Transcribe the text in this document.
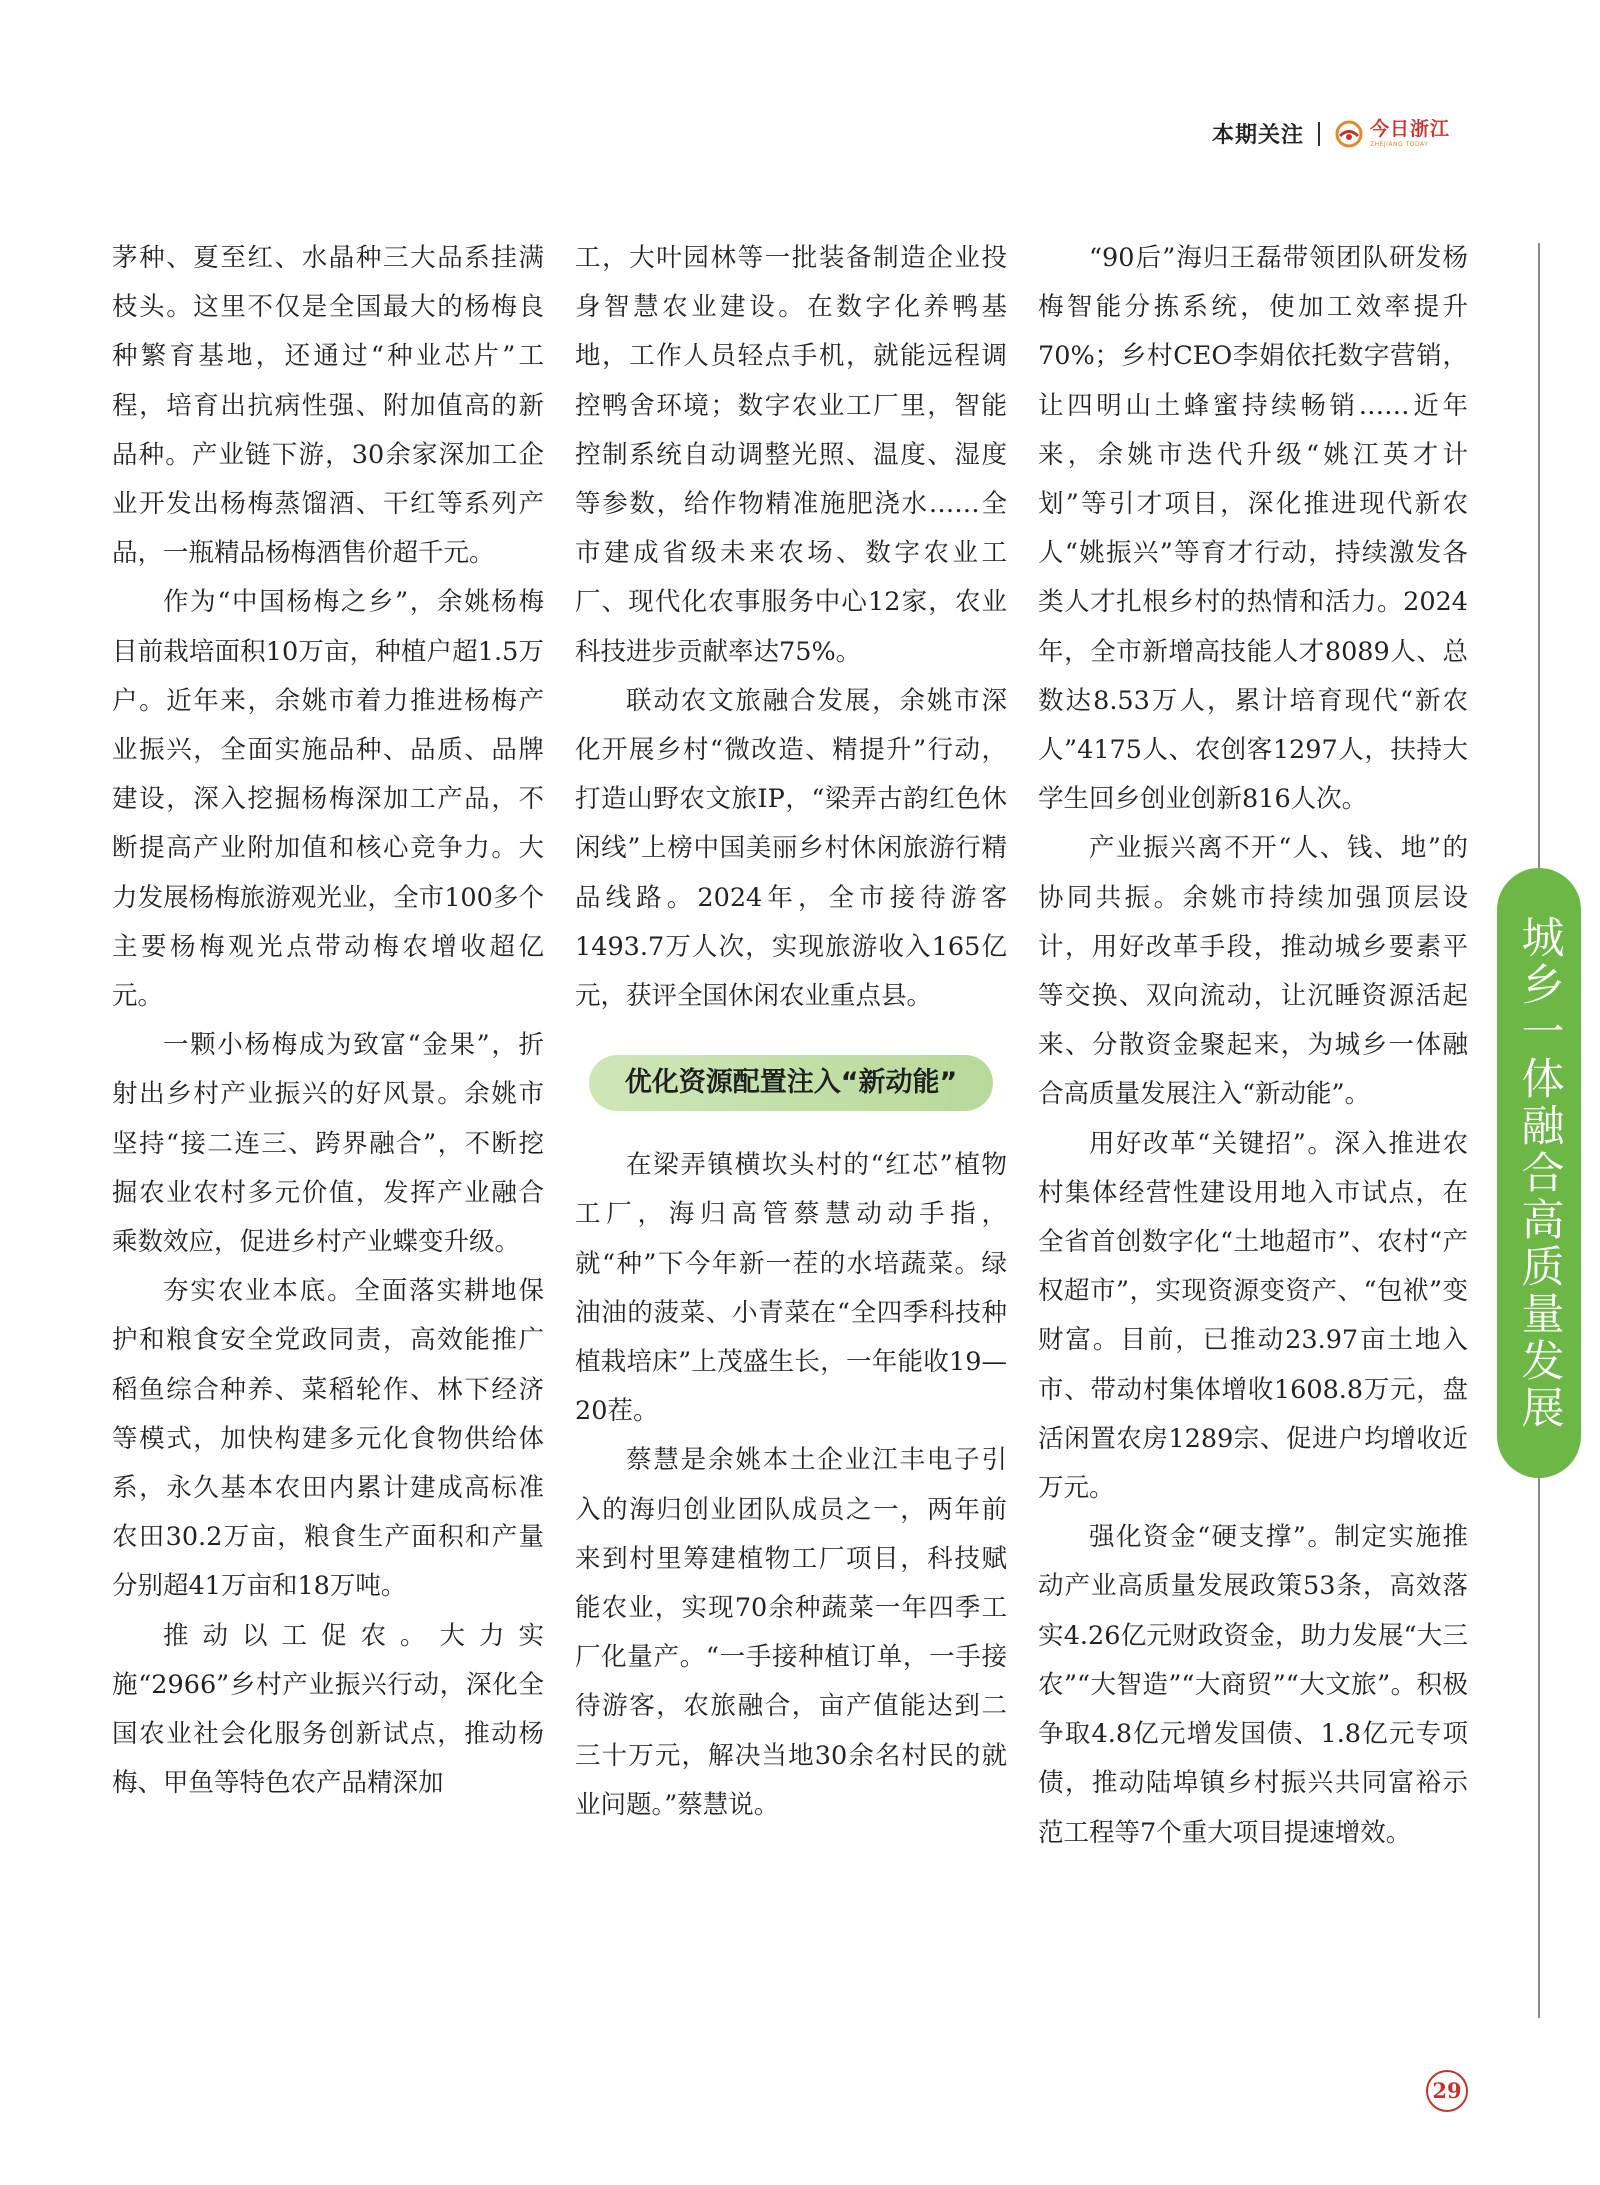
本期关注	今日浙江
ZHEJIANG TODAY

茅种、夏至红、水晶种三大品系挂满枝头。这里不仅是全国最大的杨梅良种繁育基地，还通过“种业芯片”工程，培育出抗病性强、附加值高的新品种。产业链下游，30余家深加工企业开发出杨梅蒸馏酒、干红等系列产品，一瓶精品杨梅酒售价超千元。

作为“中国杨梅之乡”，余姚杨梅目前栽培面积10万亩，种植户超1.5万户。近年来，余姚市着力推进杨梅产业振兴，全面实施品种、品质、品牌建设，深入挖掘杨梅深加工产品，不断提高产业附加值和核心竞争力。大力发展杨梅旅游观光业，全市100多个主要杨梅观光点带动梅农增收超亿元。

一颗小杨梅成为致富“金果”，折射出乡村产业振兴的好风景。余姚市坚持“接二连三、跨界融合”，不断挖掘农业农村多元价值，发挥产业融合乘数效应，促进乡村产业蝶变升级。

夯实农业本底。全面落实耕地保护和粮食安全党政同责，高效能推广稻鱼综合种养、菜稻轮作、林下经济等模式，加快构建多元化食物供给体系，永久基本农田内累计建成高标准农田30.2万亩，粮食生产面积和产量分别超41万亩和18万吨。

推动以工促农。大力实施“2966”乡村产业振兴行动，深化全国农业社会化服务创新试点，推动杨梅、甲鱼等特色农产品精深加

工，大叶园林等一批装备制造企业投身智慧农业建设。在数字化养鸭基地，工作人员轻点手机，就能远程调控鸭舍环境；数字农业工厂里，智能控制系统自动调整光照、温度、湿度等参数，给作物精准施肥浇水……全市建成省级未来农场、数字农业工厂、现代化农事服务中心12家，农业科技进步贡献率达75%。

联动农文旅融合发展，余姚市深化开展乡村“微改造、精提升”行动，打造山野农文旅IP，“梁弄古韵红色休闲线”上榜中国美丽乡村休闲旅游行精品线路。2024年，全市接待游客1493.7万人次，实现旅游收入165亿元，获评全国休闲农业重点县。

优化资源配置注入“新动能”

在梁弄镇横坎头村的“红芯”植物工厂，海归高管蔡慧动动手指，就“种”下今年新一茬的水培蔬菜。绿油油的菠菜、小青菜在“全四季科技种植栽培床”上茂盛生长，一年能收19—20茬。

蔡慧是余姚本土企业江丰电子引入的海归创业团队成员之一，两年前来到村里筹建植物工厂项目，科技赋能农业，实现70余种蔬菜一年四季工厂化量产。“一手接种植订单，一手接待游客，农旅融合，亩产值能达到二三十万元，解决当地30余名村民的就业问题。”蔡慧说。

“90后”海归王磊带领团队研发杨梅智能分拣系统，使加工效率提升70%；乡村CEO李娟依托数字营销，让四明山土蜂蜜持续畅销……近年来，余姚市迭代升级“姚江英才计划”等引才项目，深化推进现代新农人“姚振兴”等育才行动，持续激发各类人才扎根乡村的热情和活力。2024年，全市新增高技能人才8089人、总数达8.53万人，累计培育现代“新农人”4175人、农创客1297人，扶持大学生回乡创业创新816人次。

产业振兴离不开“人、钱、地”的协同共振。余姚市持续加强顶层设计，用好改革手段，推动城乡要素平等交换、双向流动，让沉睡资源活起来、分散资金聚起来，为城乡一体融合高质量发展注入“新动能”。

用好改革“关键招”。深入推进农村集体经营性建设用地入市试点，在全省首创数字化“土地超市”、农村“产权超市”，实现资源变资产、“包袱”变财富。目前，已推动23.97亩土地入市、带动村集体增收1608.8万元，盘活闲置农房1289宗、促进户均增收近万元。

强化资金“硬支撑”。制定实施推动产业高质量发展政策53条，高效落实4.26亿元财政资金，助力发展“大三农”“大智造”“大商贸”“大文旅”。积极争取4.8亿元增发国债、1.8亿元专项债，推动陆埠镇乡村振兴共同富裕示范工程等7个重大项目提速增效。

城乡一体融合高质量发展
29
